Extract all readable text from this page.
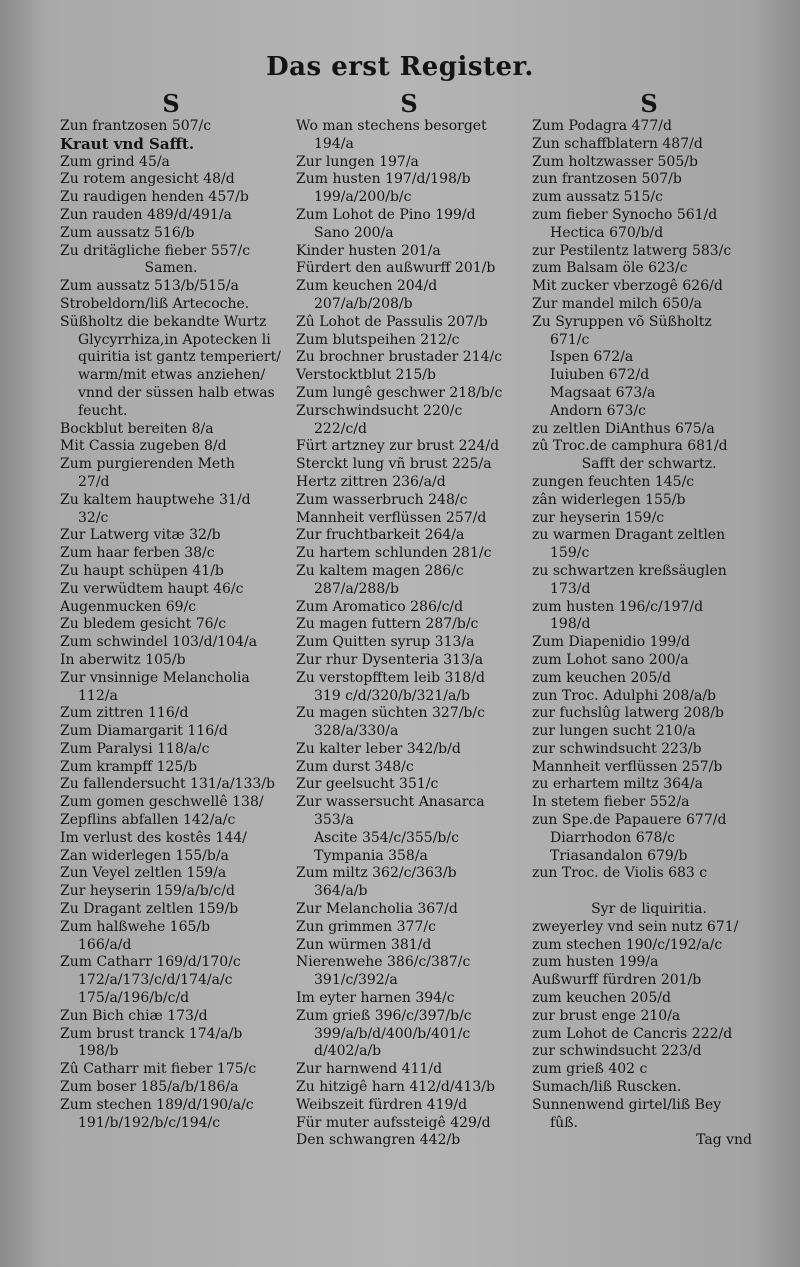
Das erst Register.
S
Zun frantzosen 507/c
Kraut vnd Safft.
Zum grind 45/a
Zu rotem angesicht 48/d
Zu raudigen henden 457/b
Zun rauden 489/d/491/a
Zum aussatz 516/b
Zu dritägliche fieber 557/c
Samen.
Zum aussatz 513/b/515/a
Strobeldorn/liß Artecoche.
Süßholtz die bekandte Wurtz
Glycyrrhiza,in Apotecken li
quiritia ist gantz temperiert/
warm/mit etwas anziehen/
vnnd der süssen halb etwas
feucht.
Bockblut bereiten 8/a
Mit Cassia zugeben 8/d
Zum purgierenden Meth
27/d
Zu kaltem hauptwehe 31/d
32/c
Zur Latwerg vitæ 32/b
Zum haar ferben 38/c
Zu haupt schüpen 41/b
Zu verwüdtem haupt 46/c
Augenmucken 69/c
Zu bledem gesicht 76/c
Zum schwindel 103/d/104/a
In aberwitz 105/b
Zur vnsinnige Melancholia
112/a
Zum zittren 116/d
Zum Diamargarit 116/d
Zum Paralysi 118/a/c
Zum krampff 125/b
Zu fallendersucht 131/a/133/b
Zum gomen geschwellê 138/
Zepflins abfallen 142/a/c
Im verlust des kostês 144/
Zan widerlegen 155/b/a
Zun Veyel zeltlen 159/a
Zur heyserin 159/a/b/c/d
Zu Dragant zeltlen 159/b
Zum halßwehe 165/b
166/a/d
Zum Catharr 169/d/170/c
172/a/173/c/d/174/a/c
175/a/196/b/c/d
Zun Bich chiæ 173/d
Zum brust tranck 174/a/b
198/b
Zû Catharr mit fieber 175/c
Zum boser 185/a/b/186/a
Zum stechen 189/d/190/a/c
191/b/192/b/c/194/c
S
Wo man stechens besorget
194/a
Zur lungen 197/a
Zum husten 197/d/198/b
199/a/200/b/c
Zum Lohot de Pino 199/d
Sano 200/a
Kinder husten 201/a
Fürdert den außwurff 201/b
Zum keuchen 204/d
207/a/b/208/b
Zû Lohot de Passulis 207/b
Zum blutspeihen 212/c
Zu brochner brustader 214/c
Verstocktblut 215/b
Zum lungê geschwer 218/b/c
Zurschwindsucht 220/c
222/c/d
Fürt artzney zur brust 224/d
Sterckt lung vñ brust 225/a
Hertz zittren 236/a/d
Zum wasserbruch 248/c
Mannheit verflüssen 257/d
Zur fruchtbarkeit 264/a
Zu hartem schlunden 281/c
Zu kaltem magen 286/c
287/a/288/b
Zum Aromatico 286/c/d
Zu magen futtern 287/b/c
Zum Quitten syrup 313/a
Zur rhur Dysenteria 313/a
Zu verstopfftem leib 318/d
319 c/d/320/b/321/a/b
Zu magen süchten 327/b/c
328/a/330/a
Zu kalter leber 342/b/d
Zum durst 348/c
Zur geelsucht 351/c
Zur wassersucht Anasarca
353/a
Ascite 354/c/355/b/c
Tympania 358/a
Zum miltz 362/c/363/b
364/a/b
Zur Melancholia 367/d
Zun grimmen 377/c
Zun würmen 381/d
Nierenwehe 386/c/387/c
391/c/392/a
Im eyter harnen 394/c
Zum grieß 396/c/397/b/c
399/a/b/d/400/b/401/c
d/402/a/b
Zur harnwend 411/d
Zu hitzigê harn 412/d/413/b
Weibszeit fürdren 419/d
Für muter aufssteigê 429/d
Den schwangren 442/b
S
Zum Podagra 477/d
Zun schaffblatern 487/d
Zum holtzwasser 505/b
zun frantzosen 507/b
zum aussatz 515/c
zum fieber Synocho 561/d
Hectica 670/b/d
zur Pestilentz latwerg 583/c
zum Balsam öle 623/c
Mit zucker vberzogê 626/d
Zur mandel milch 650/a
Zu Syruppen võ Süßholtz
671/c
Ispen 672/a
Iuiuben 672/d
Magsaat 673/a
Andorn 673/c
zu zeltlen DiAnthus 675/a
zû Troc.de camphura 681/d
Safft der schwartz.
zungen feuchten 145/c
zân widerlegen 155/b
zur heyserin 159/c
zu warmen Dragant zeltlen
159/c
zu schwartzen kreßsäuglen
173/d
zum husten 196/c/197/d
198/d
Zum Diapenidio 199/d
zum Lohot sano 200/a
zum keuchen 205/d
zun Troc. Adulphi 208/a/b
zur fuchslûg latwerg 208/b
zur lungen sucht 210/a
zur schwindsucht 223/b
Mannheit verflüssen 257/b
zu erhartem miltz 364/a
In stetem fieber 552/a
zun Spe.de Papauere 677/d
Diarrhodon 678/c
Triasandalon 679/b
zun Troc. de Violis 683 c

Syr de liquiritia.
zweyerley vnd sein nutz 671/
zum stechen 190/c/192/a/c
zum husten 199/a
Außwurff fürdren 201/b
zum keuchen 205/d
zur brust enge 210/a
zum Lohot de Cancris 222/d
zur schwindsucht 223/d
zum grieß 402 c
Sumach/liß Ruscken.
Sunnenwend girtel/liß Bey
fûß.
Tag vnd
